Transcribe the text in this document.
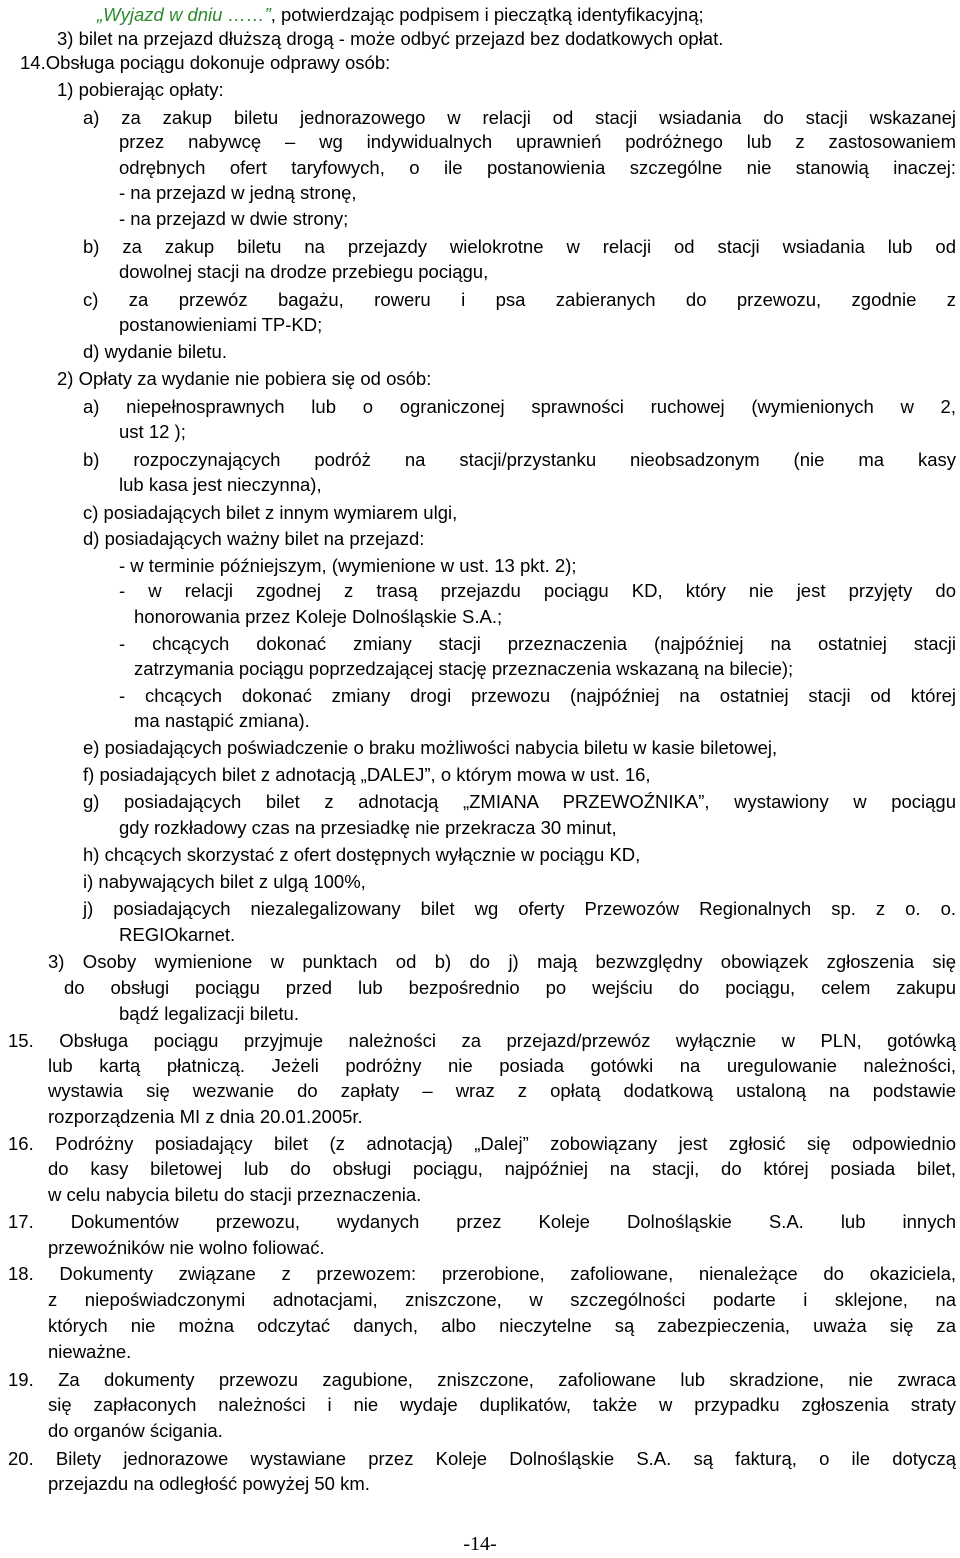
„Wyjazd w dniu ……”, potwierdzając podpisem i pieczątką identyfikacyjną;
3) bilet na przejazd dłuższą drogą - może odbyć przejazd bez dodatkowych opłat.
14.Obsługa pociągu dokonuje odprawy osób:
1) pobierając opłaty:
a) za zakup biletu jednorazowego w relacji od stacji wsiadania do stacji wskazanej
przez nabywcę – wg indywidualnych uprawnień podróżnego lub z zastosowaniem
odrębnych ofert taryfowych, o ile postanowienia szczególne nie stanowią inaczej:
- na przejazd w jedną stronę,
- na przejazd w dwie strony;
b) za zakup biletu na przejazdy wielokrotne w relacji od stacji wsiadania lub od
dowolnej stacji na drodze przebiegu pociągu,
c) za przewóz bagażu, roweru i psa zabieranych do przewozu, zgodnie z
postanowieniami TP-KD;
d) wydanie biletu.
2) Opłaty za wydanie nie pobiera się od osób:
a) niepełnosprawnych lub o ograniczonej sprawności ruchowej (wymienionych w 2,
ust 12 );
b) rozpoczynających podróż na stacji/przystanku nieobsadzonym (nie ma kasy
lub kasa jest nieczynna),
c) posiadających bilet z innym wymiarem ulgi,
d) posiadających ważny bilet na przejazd:
- w terminie późniejszym, (wymienione w ust. 13 pkt. 2);
- w relacji zgodnej z trasą przejazdu pociągu KD, który nie jest przyjęty do
honorowania przez Koleje Dolnośląskie S.A.;
- chcących dokonać zmiany stacji przeznaczenia (najpóźniej na ostatniej stacji
zatrzymania pociągu poprzedzającej stację przeznaczenia wskazaną na bilecie);
- chcących dokonać zmiany drogi przewozu (najpóźniej na ostatniej stacji od której
ma nastąpić zmiana).
e) posiadających poświadczenie o braku możliwości nabycia biletu w kasie biletowej,
f) posiadających bilet z adnotacją „DALEJ”, o którym mowa w ust. 16,
g) posiadających bilet z adnotacją „ZMIANA PRZEWOŹNIKA”, wystawiony w pociągu
gdy rozkładowy czas na przesiadkę nie przekracza 30 minut,
h) chcących skorzystać z ofert dostępnych wyłącznie w pociągu KD,
i) nabywających bilet z ulgą 100%,
j) posiadających niezalegalizowany bilet wg oferty Przewozów Regionalnych sp. z o. o.
REGIOkarnet.
3) Osoby wymienione w punktach od b) do j) mają bezwzględny obowiązek zgłoszenia się
do obsługi pociągu przed lub bezpośrednio po wejściu do pociągu, celem zakupu
bądź legalizacji biletu.
15. Obsługa pociągu przyjmuje należności za przejazd/przewóz wyłącznie w PLN, gotówką
lub kartą płatniczą. Jeżeli podróżny nie posiada gotówki na uregulowanie należności,
wystawia się wezwanie do zapłaty – wraz z opłatą dodatkową ustaloną na podstawie
rozporządzenia MI z dnia 20.01.2005r.
16. Podróżny posiadający bilet (z adnotacją) „Dalej” zobowiązany jest zgłosić się odpowiednio
do kasy biletowej lub do obsługi pociągu, najpóźniej na stacji, do której posiada bilet,
w celu nabycia biletu do stacji przeznaczenia.
17. Dokumentów przewozu, wydanych przez Koleje Dolnośląskie S.A. lub innych
przewoźników nie wolno foliować.
18. Dokumenty związane z przewozem: przerobione, zafoliowane, nienależące do okaziciela,
z niepoświadczonymi adnotacjami, zniszczone, w szczególności podarte i sklejone, na
których nie można odczytać danych, albo nieczytelne są zabezpieczenia, uważa się za
nieważne.
19. Za dokumenty przewozu zagubione, zniszczone, zafoliowane lub skradzione, nie zwraca
się zapłaconych należności i nie wydaje duplikatów, także w przypadku zgłoszenia straty
do organów ścigania.
20. Bilety jednorazowe wystawiane przez Koleje Dolnośląskie S.A. są fakturą, o ile dotyczą
przejazdu na odległość powyżej 50 km.
-14-
